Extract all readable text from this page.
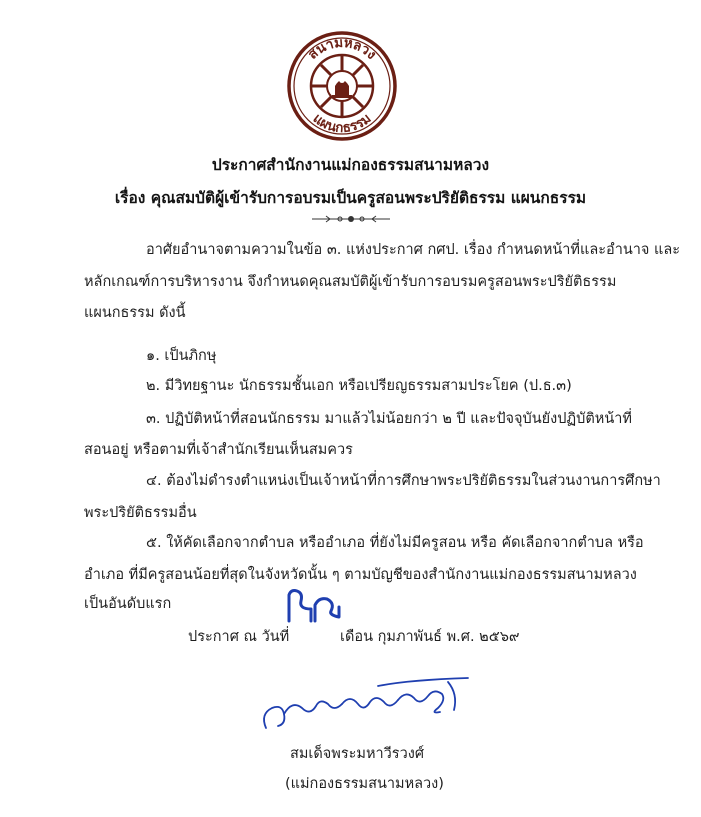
สนามหลวง
แผนกธรรม
ประกาศสำนักงานแม่กองธรรมสนามหลวง
เรื่อง คุณสมบัติผู้เข้ารับการอบรมเป็นครูสอนพระปริยัติธรรม แผนกธรรม
อาศัยอำนาจตามความในข้อ ๓. แห่งประกาศ กศป. เรื่อง กำหนดหน้าที่และอำนาจ และ
หลักเกณฑ์การบริหารงาน จึงกำหนดคุณสมบัติผู้เข้ารับการอบรมครูสอนพระปริยัติธรรม
แผนกธรรม ดังนี้
๑. เป็นภิกษุ
๒. มีวิทยฐานะ นักธรรมชั้นเอก หรือเปรียญธรรมสามประโยค (ป.ธ.๓)
๓. ปฏิบัติหน้าที่สอนนักธรรม มาแล้วไม่น้อยกว่า ๒ ปี และปัจจุบันยังปฏิบัติหน้าที่
สอนอยู่ หรือตามที่เจ้าสำนักเรียนเห็นสมควร
๔. ต้องไม่ดำรงตำแหน่งเป็นเจ้าหน้าที่การศึกษาพระปริยัติธรรมในส่วนงานการศึกษา
พระปริยัติธรรมอื่น
๕. ให้คัดเลือกจากตำบล หรืออำเภอ ที่ยังไม่มีครูสอน หรือ คัดเลือกจากตำบล หรือ
อำเภอ ที่มีครูสอนน้อยที่สุดในจังหวัดนั้น ๆ ตามบัญชีของสำนักงานแม่กองธรรมสนามหลวง
เป็นอันดับแรก
ประกาศ ณ วันที่	เดือน กุมภาพันธ์ พ.ศ. ๒๕๖๙
สมเด็จพระมหาวีรวงศ์
(แม่กองธรรมสนามหลวง)
